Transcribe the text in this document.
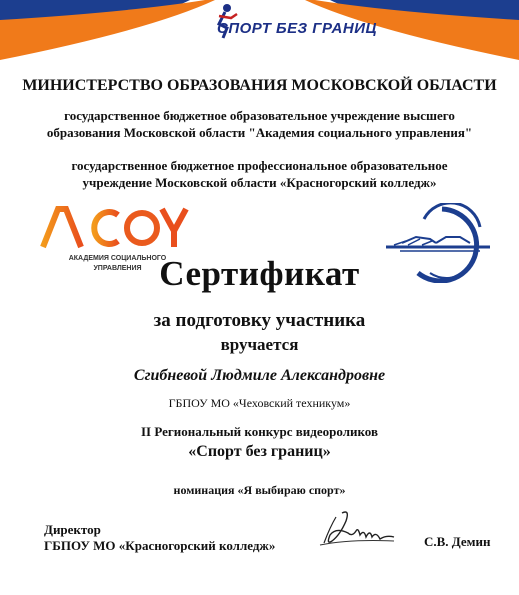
СПОРТ БЕЗ ГРАНИЦ
МИНИСТЕРСТВО ОБРАЗОВАНИЯ МОСКОВСКОЙ ОБЛАСТИ
государственное бюджетное образовательное учреждение высшего
образования Московской области "Академия социального управления"
государственное бюджетное профессиональное образовательное
учреждение Московской области «Красногорский колледж»
АКАДЕМИЯ СОЦИАЛЬНОГО
УПРАВЛЕНИЯ Сертификат
за подготовку участника
вручается
Сгибневой Людмиле Александровне
ГБПОУ МО «Чеховский техникум»
II Региональный конкурс видеороликов
«Спорт без границ»
номинация «Я выбираю спорт»
Директор
ГБПОУ МО «Красногорский колледж»	С.В. Демин
